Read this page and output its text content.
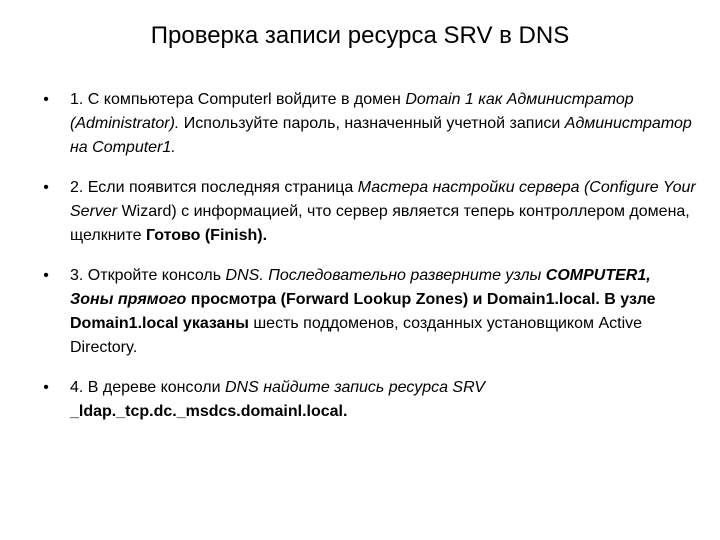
Проверка записи ресурса SRV в DNS
•	1. С компьютера Computerl войдите в домен Domain 1 как Администратор (Administrator). Используйте пароль, назначенный учетной записи Администратор на Computer1.
•	2. Если появится последняя страница Мастера настройки сервера (Configure Your Server Wizard) с информацией, что сервер является теперь контроллером домена, щелкните Готово (Finish).
•	3. Откройте консоль DNS. Последовательно разверните узлы COMPUTER1, Зоны прямого просмотра (Forward Lookup Zones) и Domain1.local. В узле Domain1.local указаны шесть поддоменов, созданных установщиком Active Directory.
•	4. В дереве консоли DNS найдите запись ресурса SRV _ldap._tcp.dc._msdcs.domainl.local.
